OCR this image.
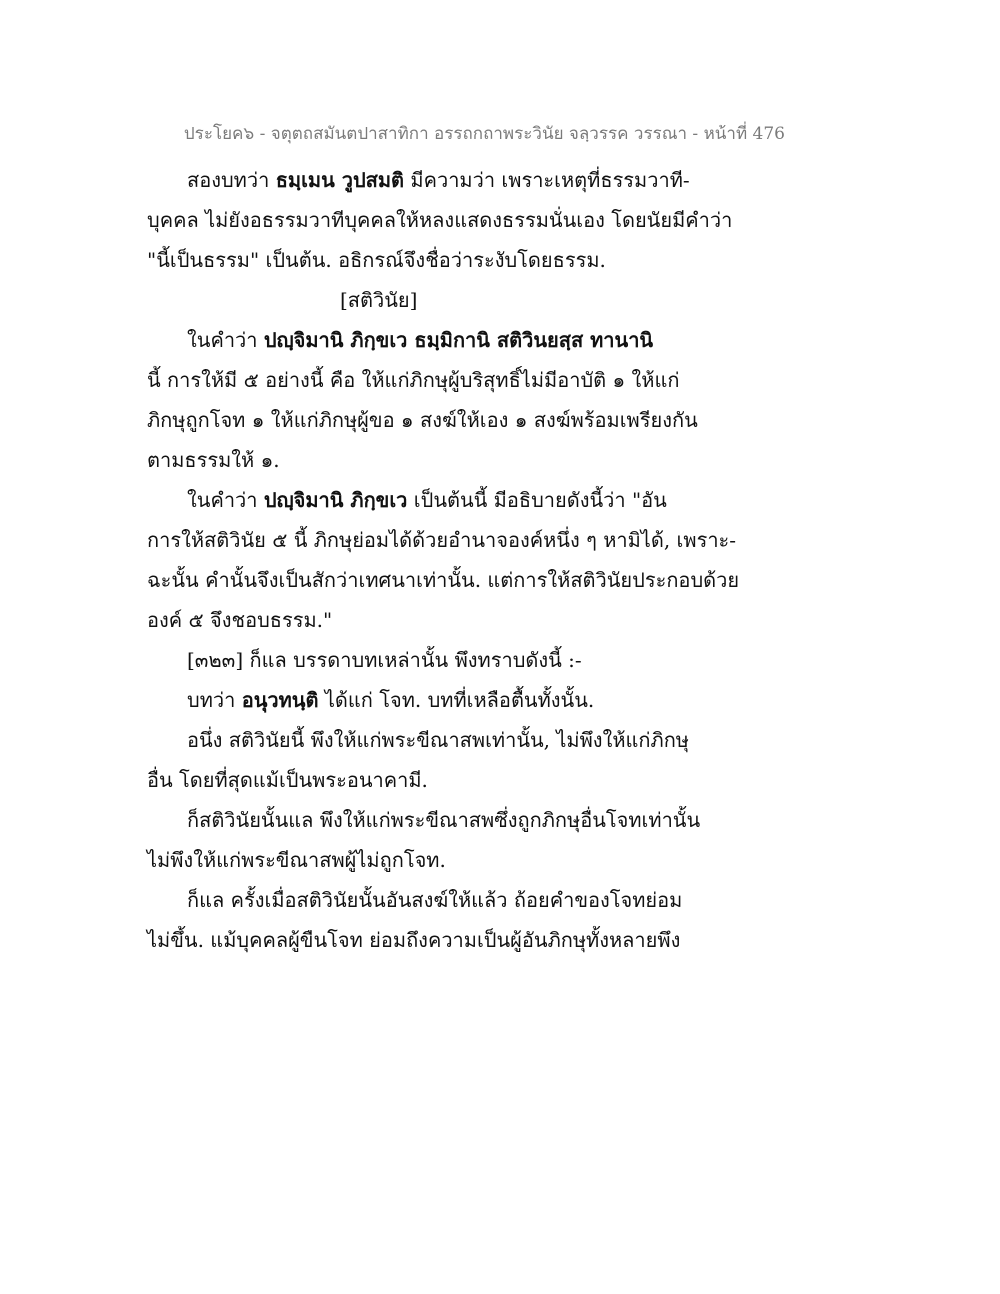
ประโยค๖ - จตุตถสมันตปาสาทิกา อรรถกถาพระวินัย จลฺวรรค วรรณา - หน้าที่ 476
สองบทว่า ธมฺเมน วูปสมติ มีความว่า เพราะเหตุที่ธรรมวาที-
บุคคล ไม่ยังอธรรมวาทีบุคคลให้หลงแสดงธรรมนั่นเอง โดยนัยมีคำว่า
"นี้เป็นธรรม" เป็นต้น. อธิกรณ์จึงชื่อว่าระงับโดยธรรม.
[สติวินัย]
ในคำว่า ปญฺจิมานิ ภิกฺขเว ธมฺมิกานิ สติวินยสฺส ทานานิ
นี้ การให้มี ๕ อย่างนี้ คือ ให้แก่ภิกษุผู้บริสุทธิ์ไม่มีอาบัติ ๑ ให้แก่
ภิกษุถูกโจท ๑ ให้แก่ภิกษุผู้ขอ ๑ สงฆ์ให้เอง ๑ สงฆ์พร้อมเพรียงกัน
ตามธรรมให้ ๑.
ในคำว่า ปญฺจิมานิ ภิกฺขเว เป็นต้นนี้ มีอธิบายดังนี้ว่า "อัน
การให้สติวินัย ๕ นี้ ภิกษุย่อมได้ด้วยอำนาจองค์หนึ่ง ๆ หามิได้, เพราะ-
ฉะนั้น คำนั้นจึงเป็นสักว่าเทศนาเท่านั้น. แต่การให้สติวินัยประกอบด้วย
องค์ ๕ จึงชอบธรรม."
[๓๒๓] ก็แล บรรดาบทเหล่านั้น พึงทราบดังนี้ :-
บทว่า อนุวทนฺติ ได้แก่ โจท. บทที่เหลือตื้นทั้งนั้น.
อนึ่ง สติวินัยนี้ พึงให้แก่พระขีณาสพเท่านั้น, ไม่พึงให้แก่ภิกษุ
อื่น โดยที่สุดแม้เป็นพระอนาคามี.
ก็สติวินัยนั้นแล พึงให้แก่พระขีณาสพซึ่งถูกภิกษุอื่นโจทเท่านั้น
ไม่พึงให้แก่พระขีณาสพผู้ไม่ถูกโจท.
ก็แล ครั้งเมื่อสติวินัยนั้นอันสงฆ์ให้แล้ว ถ้อยคำของโจทย่อม
ไม่ขึ้น. แม้บุคคลผู้ขืนโจท ย่อมถึงความเป็นผู้อันภิกษุทั้งหลายพึง
